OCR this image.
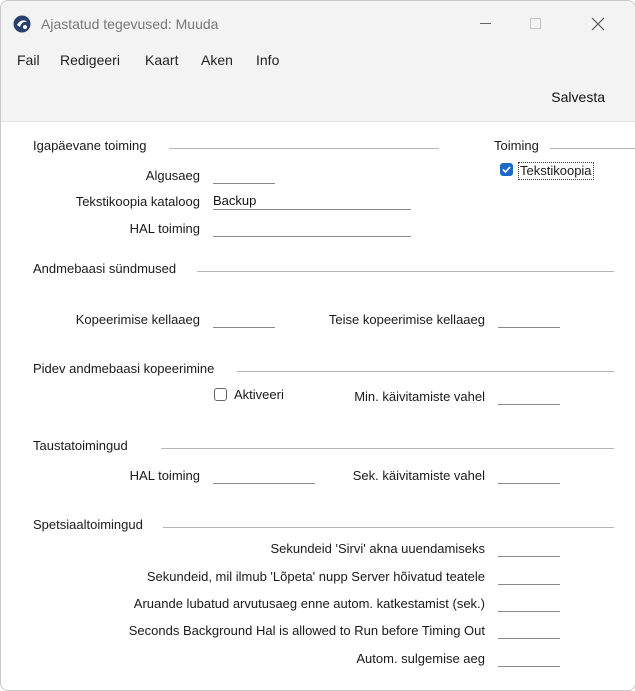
Ajastatud tegevused: Muuda
Fail Redigeeri Kaart Aken Info
Salvesta
Igapäevane toiming
Algusaeg
Tekstikoopia kataloog Backup
HAL toiming
Toiming
Tekstikoopia
Andmebaasi sündmused
Kopeerimise kellaaeg	Teise kopeerimise kellaaeg
Pidev andmebaasi kopeerimine
Aktiveeri	Min. käivitamiste vahel
Taustatoimingud
HAL toiming	Sek. käivitamiste vahel
Spetsiaaltoimingud
Sekundeid 'Sirvi' akna uuendamiseks
Sekundeid, mil ilmub 'Lõpeta' nupp Server hõivatud teatele
Aruande lubatud arvutusaeg enne autom. katkestamist (sek.)
Seconds Background Hal is allowed to Run before Timing Out
Autom. sulgemise aeg
